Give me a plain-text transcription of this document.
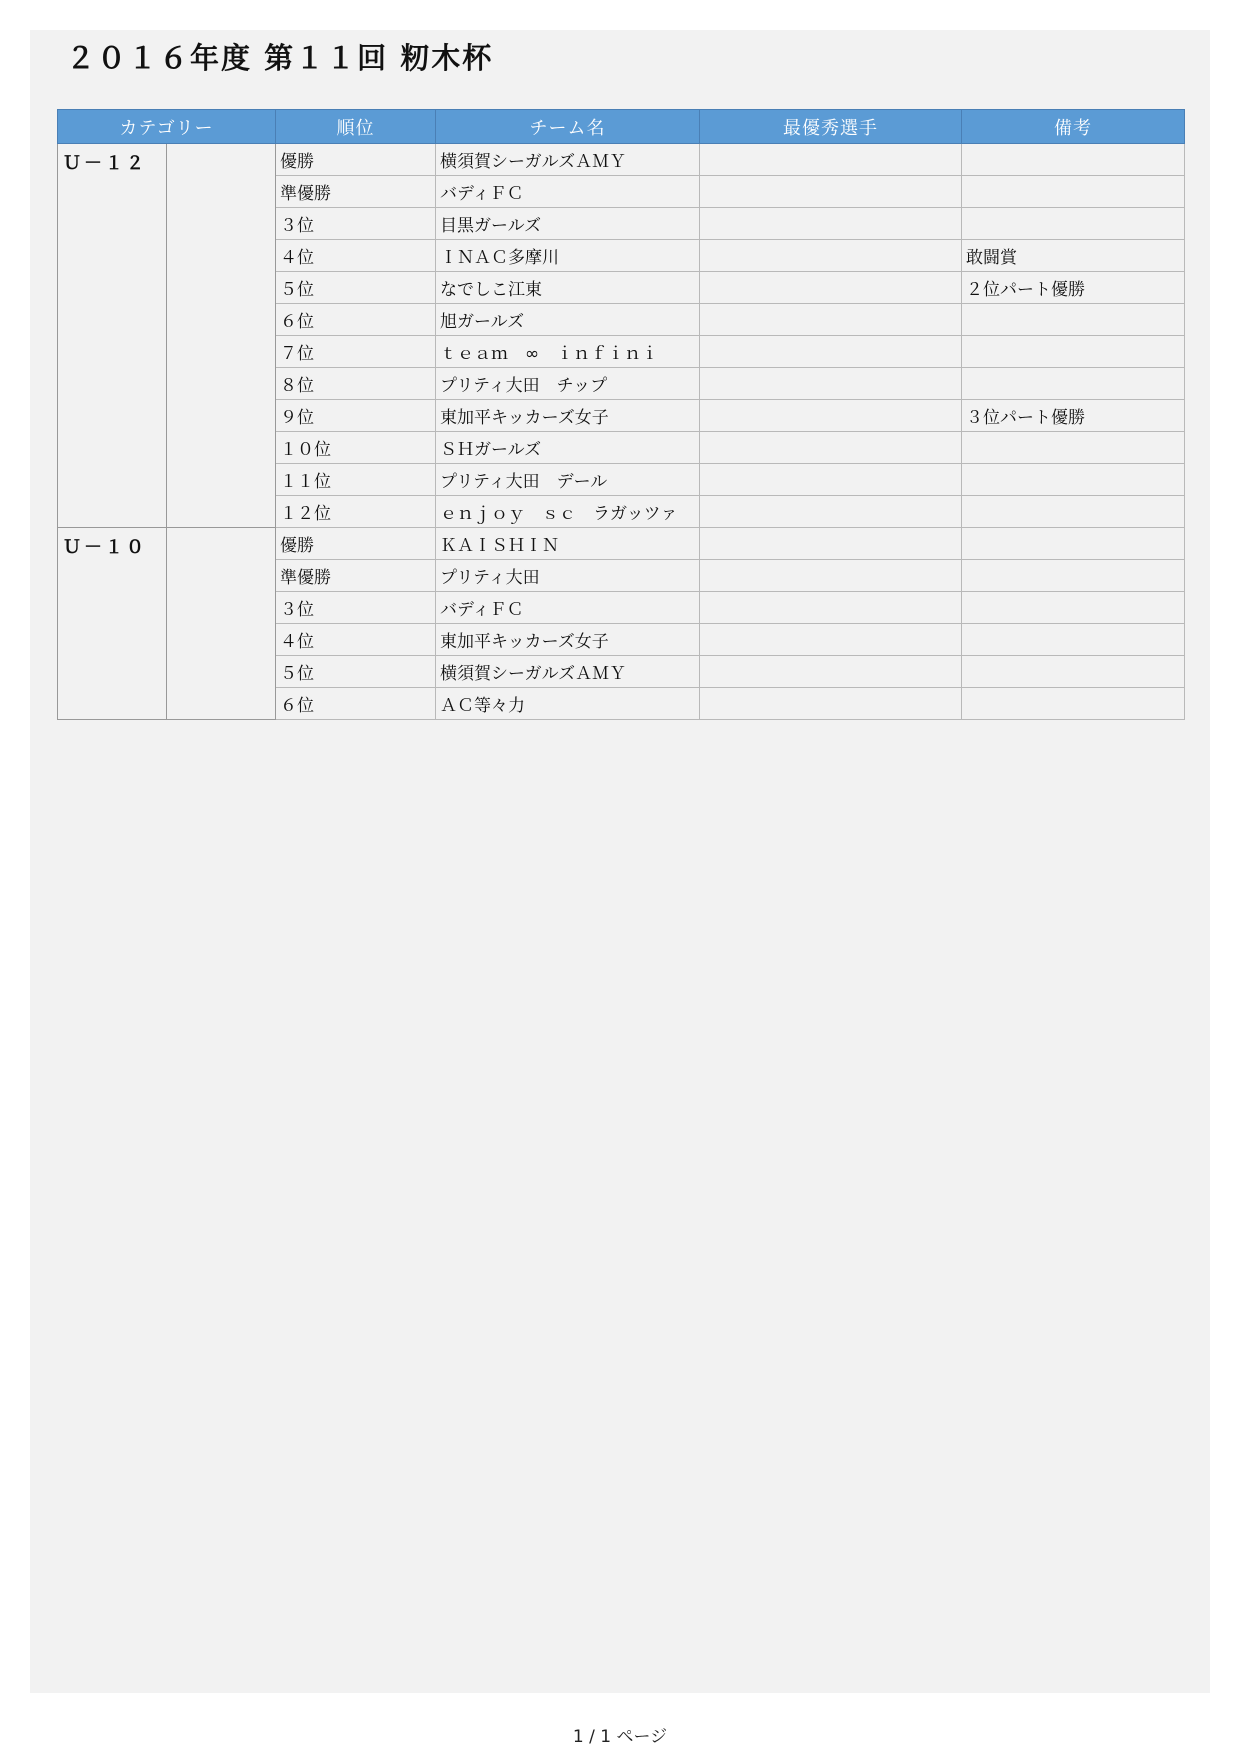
２０１６年度 第１１回 籾木杯
カテゴリー		順位	チーム名	最優秀選手	備考
Ｕ－１２		優勝	横須賀シーガルズＡＭＹ		
		準優勝	バディＦＣ		
		３位	目黒ガールズ		
		４位	ＩＮＡＣ多摩川		敢闘賞
		５位	なでしこ江東		２位パート優勝
		６位	旭ガールズ		
		７位	ｔｅａｍ　∞　ｉｎｆｉｎｉ		
		８位	プリティ大田　チップ		
		９位	東加平キッカーズ女子		３位パート優勝
		１０位	ＳＨガールズ		
		１１位	プリティ大田　デール		
		１２位	ｅｎｊｏｙ　ｓｃ　ラガッツァ		
Ｕ－１０		優勝	ＫＡＩＳＨＩＮ		
		準優勝	プリティ大田		
		３位	バディＦＣ		
		４位	東加平キッカーズ女子		
		５位	横須賀シーガルズＡＭＹ		
		６位	ＡＣ等々力		
1 / 1 ページ
